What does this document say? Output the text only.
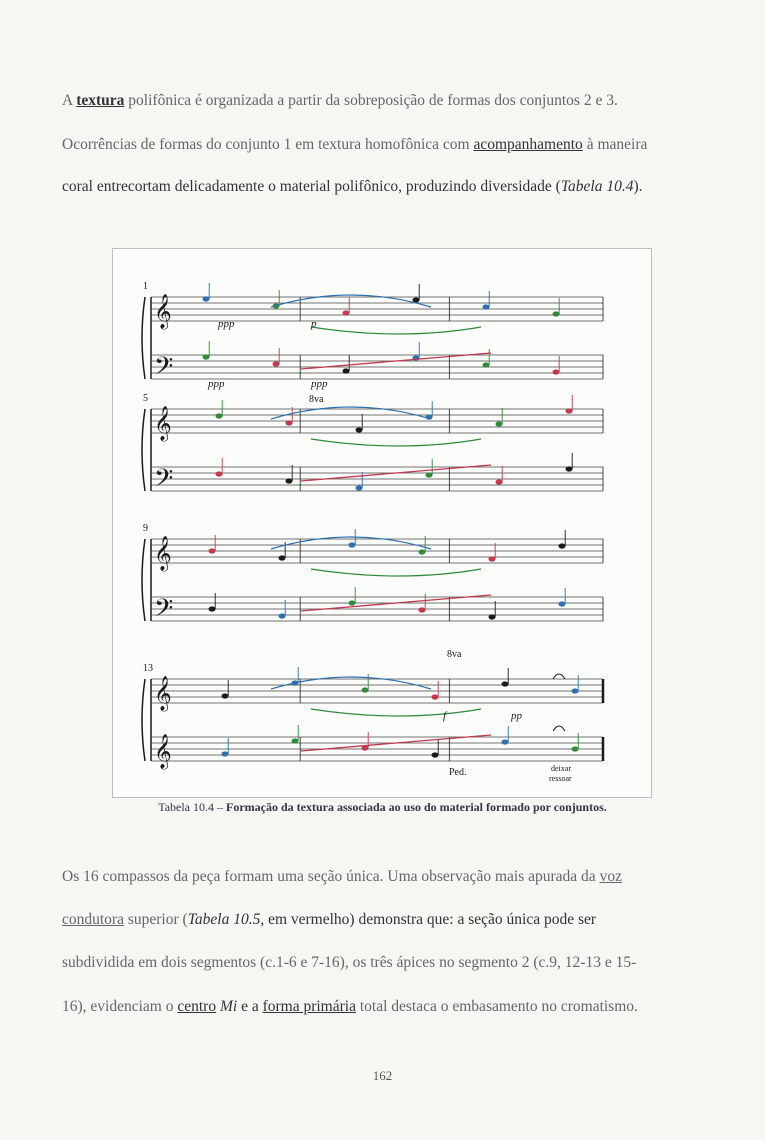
A textura polifônica é organizada a partir da sobreposição de formas dos conjuntos 2 e 3.
Ocorrências de formas do conjunto 1 em textura homofônica com acompanhamento à maneira
coral entrecortam delicadamente o material polifônico, produzindo diversidade (Tabela 10.4).
1
𝄞
𝄢
5
𝄞
𝄢
9
𝄞
𝄢
13
𝄞
𝄞
ppp
ppp
p
ppp
f	pp
8va
8va
Ped.	deixar
ressoar
Tabela 10.4 – Formação da textura associada ao uso do material formado por conjuntos.
Os 16 compassos da peça formam uma seção única. Uma observação mais apurada da voz
condutora superior (Tabela 10.5, em vermelho) demonstra que: a seção única pode ser
subdividida em dois segmentos (c.1-6 e 7-16), os três ápices no segmento 2 (c.9, 12-13 e 15-
16), evidenciam o centro Mi e a forma primária total destaca o embasamento no cromatismo.
162
